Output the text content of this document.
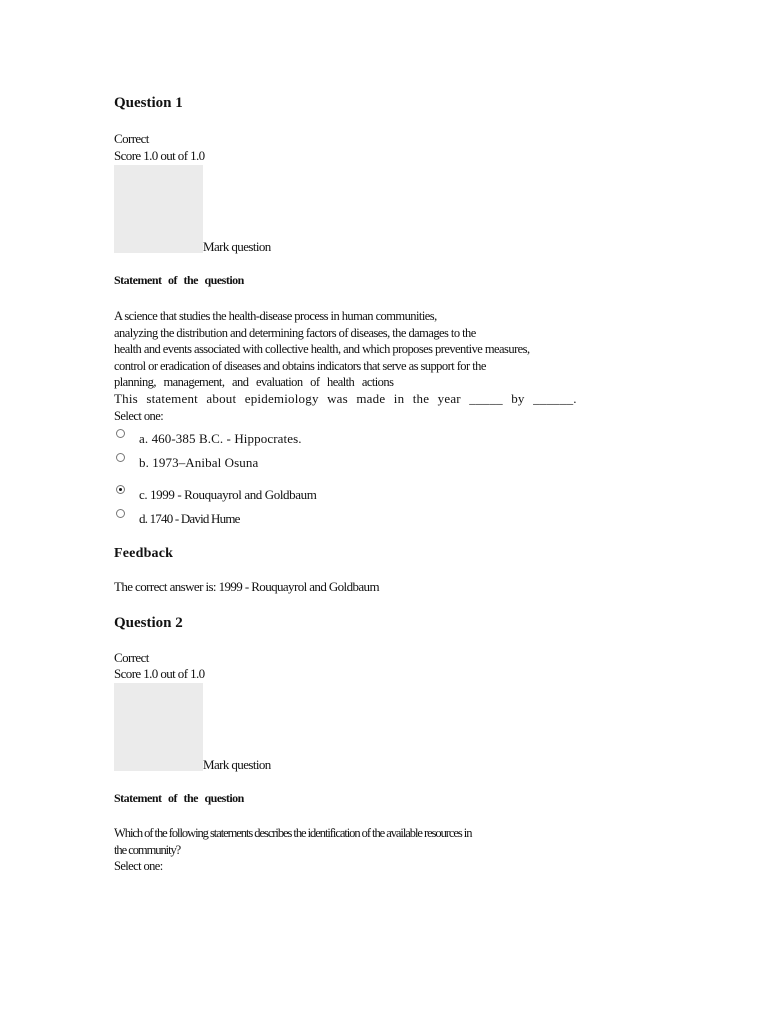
Question 1
Correct
Score 1.0 out of 1.0
Mark question
Statement of the question
A science that studies the health-disease process in human communities,
analyzing the distribution and determining factors of diseases, the damages to the
health and events associated with collective health, and which proposes preventive measures,
control or eradication of diseases and obtains indicators that serve as support for the
planning, management, and evaluation of health actions
This statement about epidemiology was made in the year _____ by ______.
Select one:
a. 460-385 B.C. - Hippocrates.
b. 1973–Anibal Osuna
c. 1999 - Rouquayrol and Goldbaum
d. 1740 - David Hume
Feedback
The correct answer is: 1999 - Rouquayrol and Goldbaum
Question 2
Correct
Score 1.0 out of 1.0
Mark question
Statement of the question
Which of the following statements describes the identification of the available resources in
the community?
Select one:
